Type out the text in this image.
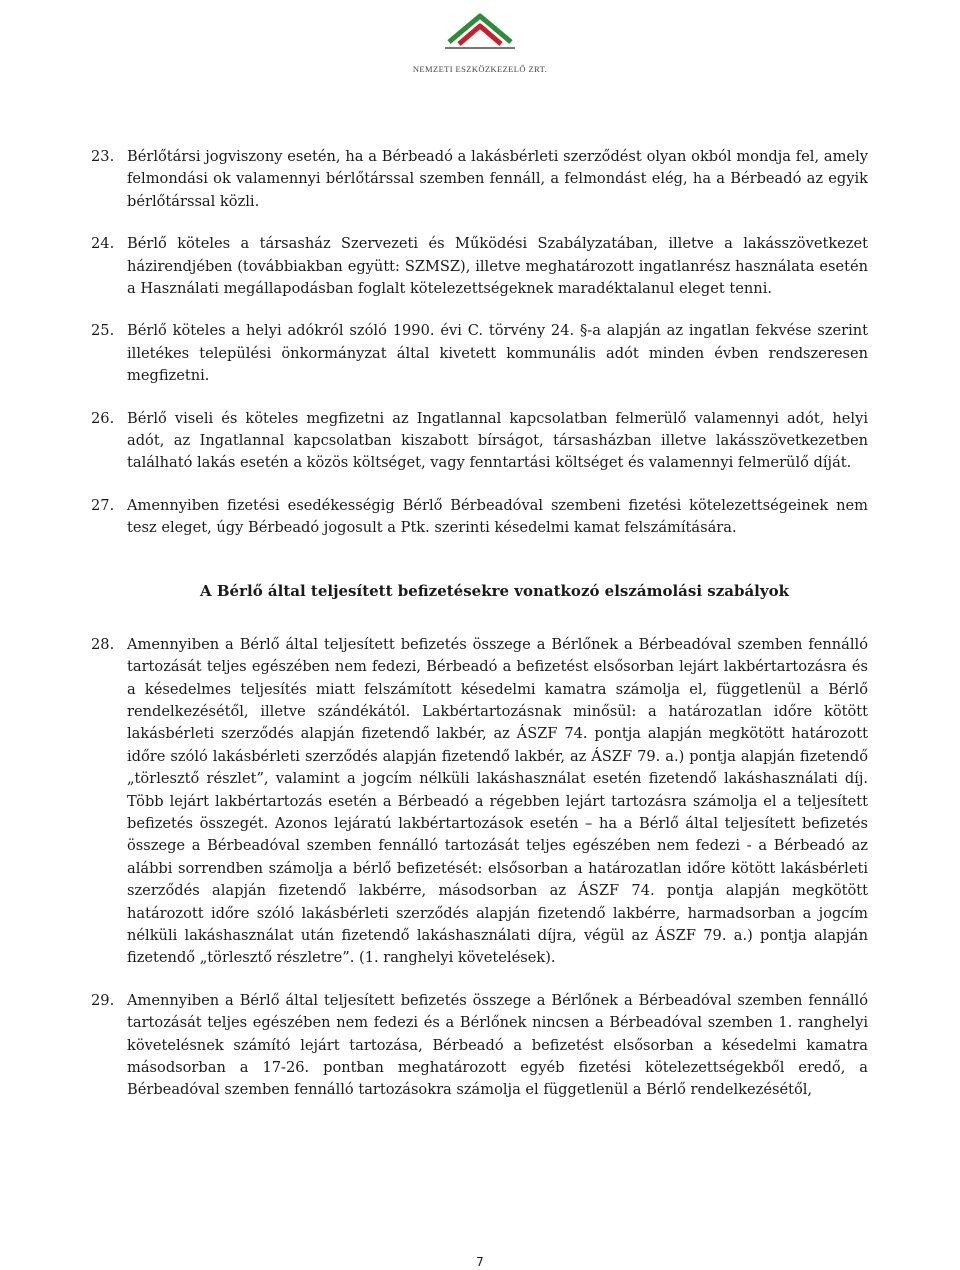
NEMZETI ESZKÖZKEZELŐ ZRT.
23. Bérlőtársi jogviszony esetén, ha a Bérbeadó a lakásbérleti szerződést olyan okból mondja fel, amely felmondási ok valamennyi bérlőtárssal szemben fennáll, a felmondást elég, ha a Bérbeadó az egyik bérlőtárssal közli.
24. Bérlő köteles a társasház Szervezeti és Működési Szabályzatában, illetve a lakásszövetkezet házirendjében (továbbiakban együtt: SZMSZ), illetve meghatározott ingatlanrész használata esetén a Használati megállapodásban foglalt kötelezettségeknek maradéktalanul eleget tenni.
25. Bérlő köteles a helyi adókról szóló 1990. évi C. törvény 24. §-a alapján az ingatlan fekvése szerint illetékes települési önkormányzat által kivetett kommunális adót minden évben rendszeresen megfizetni.
26. Bérlő viseli és köteles megfizetni az Ingatlannal kapcsolatban felmerülő valamennyi adót, helyi adót, az Ingatlannal kapcsolatban kiszabott bírságot, társasházban illetve lakásszövetkezetben található lakás esetén a közös költséget, vagy fenntartási költséget és valamennyi felmerülő díját.
27. Amennyiben fizetési esedékességig Bérlő Bérbeadóval szembeni fizetési kötelezettségeinek nem tesz eleget, úgy Bérbeadó jogosult a Ptk. szerinti késedelmi kamat felszámítására.
A Bérlő által teljesített befizetésekre vonatkozó elszámolási szabályok
28. Amennyiben a Bérlő által teljesített befizetés összege a Bérlőnek a Bérbeadóval szemben fennálló tartozását teljes egészében nem fedezi, Bérbeadó a befizetést elsősorban lejárt lakbértartozásra és a késedelmes teljesítés miatt felszámított késedelmi kamatra számolja el, függetlenül a Bérlő rendelkezésétől, illetve szándékától. Lakbértartozásnak minősül: a határozatlan időre kötött lakásbérleti szerződés alapján fizetendő lakbér, az ÁSZF 74. pontja alapján megkötött határozott időre szóló lakásbérleti szerződés alapján fizetendő lakbér, az ÁSZF 79. a.) pontja alapján fizetendő „törlesztő részlet”, valamint a jogcím nélküli lakáshasználat esetén fizetendő lakáshasználati díj. Több lejárt lakbértartozás esetén a Bérbeadó a régebben lejárt tartozásra számolja el a teljesített befizetés összegét. Azonos lejáratú lakbértartozások esetén – ha a Bérlő által teljesített befizetés összege a Bérbeadóval szemben fennálló tartozását teljes egészében nem fedezi - a Bérbeadó az alábbi sorrendben számolja a bérlő befizetését: elsősorban a határozatlan időre kötött lakásbérleti szerződés alapján fizetendő lakbérre, másodsorban az ÁSZF 74. pontja alapján megkötött határozott időre szóló lakásbérleti szerződés alapján fizetendő lakbérre, harmadsorban a jogcím nélküli lakáshasználat után fizetendő lakáshasználati díjra, végül az ÁSZF 79. a.) pontja alapján fizetendő „törlesztő részletre”. (1. ranghelyi követelések).
29. Amennyiben a Bérlő által teljesített befizetés összege a Bérlőnek a Bérbeadóval szemben fennálló tartozását teljes egészében nem fedezi és a Bérlőnek nincsen a Bérbeadóval szemben 1. ranghelyi követelésnek számító lejárt tartozása, Bérbeadó a befizetést elsősorban a késedelmi kamatra másodsorban a 17-26. pontban meghatározott egyéb fizetési kötelezettségekből eredő, a Bérbeadóval szemben fennálló tartozásokra számolja el függetlenül a Bérlő rendelkezésétől,
7
